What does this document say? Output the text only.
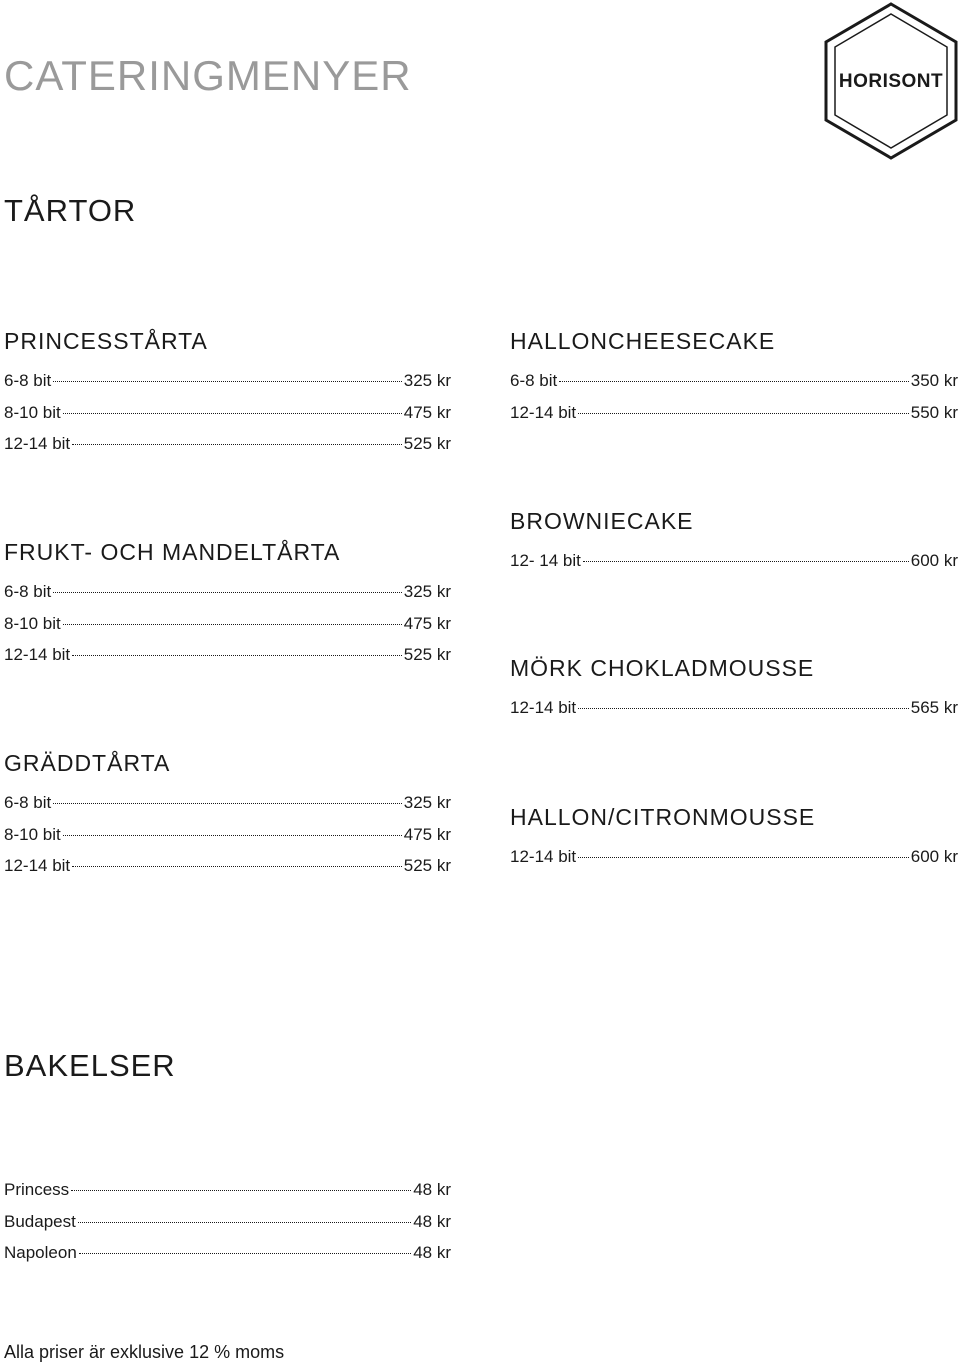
CATERINGMENYER	HORISONT
TÅRTOR
PRINCESSTÅRTA
6-8 bit	325 kr
8-10 bit	475 kr
12-14 bit	525 kr
FRUKT- OCH MANDELTÅRTA
6-8 bit	325 kr
8-10 bit	475 kr
12-14 bit	525 kr
GRÄDDTÅRTA
6-8 bit	325 kr
8-10 bit	475 kr
12-14 bit	525 kr
HALLONCHEESECAKE
6-8 bit	350 kr
12-14 bit	550 kr
BROWNIECAKE
12- 14 bit	600 kr
MÖRK CHOKLADMOUSSE
12-14 bit	565 kr
HALLON/CITRONMOUSSE
12-14 bit	600 kr
BAKELSER
Princess	48 kr
Budapest	48 kr
Napoleon	48 kr

Alla priser är exklusive 12 % moms
